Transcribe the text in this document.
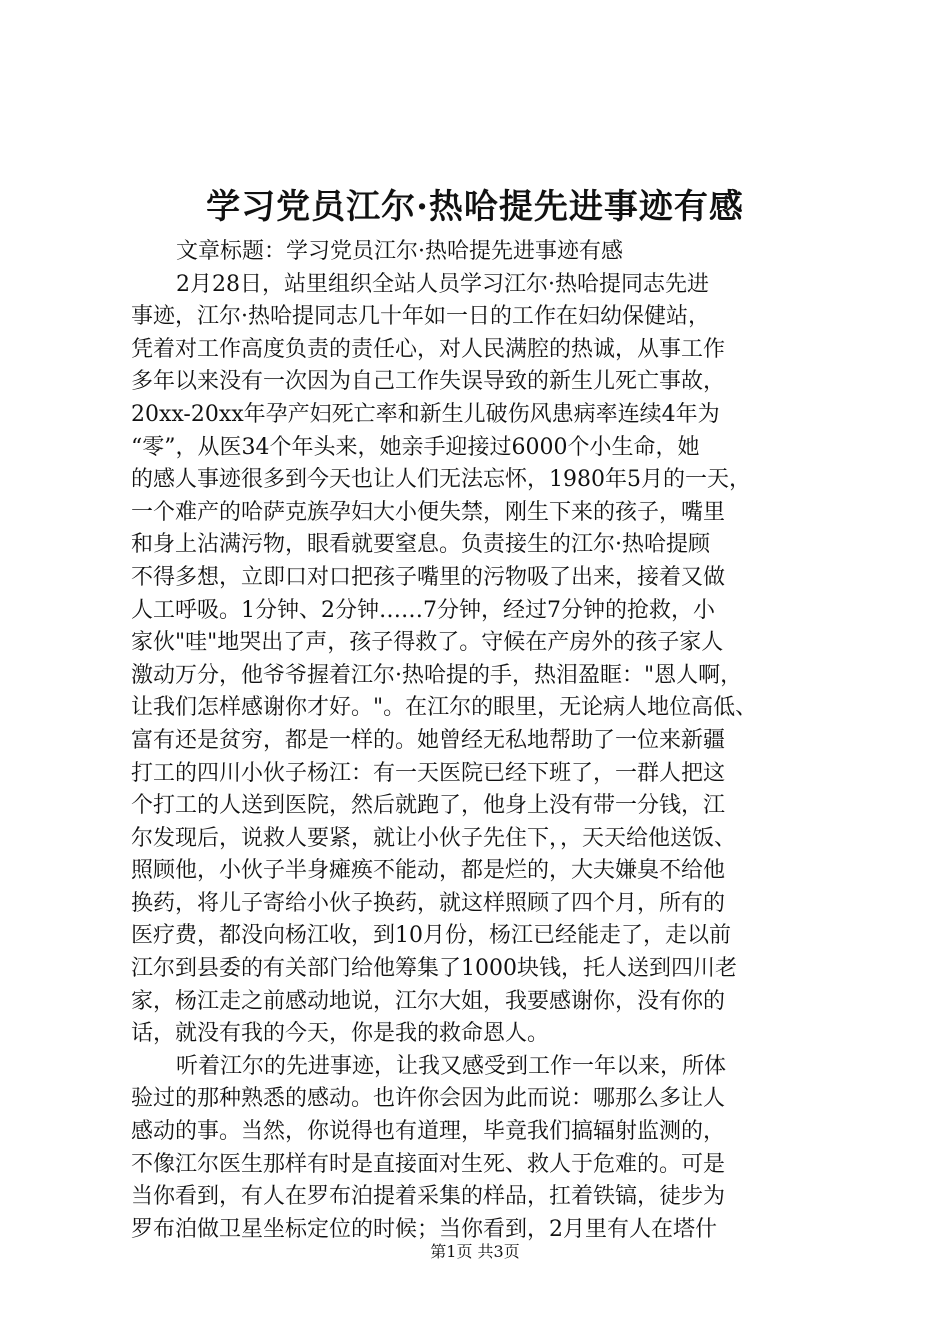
学习党员江尔·热哈提先进事迹有感
文章标题：学习党员江尔·热哈提先进事迹有感
2月28日，站里组织全站人员学习江尔·热哈提同志先进
事迹，江尔·热哈提同志几十年如一日的工作在妇幼保健站，
凭着对工作高度负责的责任心，对人民满腔的热诚，从事工作
多年以来没有一次因为自己工作失误导致的新生儿死亡事故，
20xx-20xx年孕产妇死亡率和新生儿破伤风患病率连续4年为
“零”，从医34个年头来，她亲手迎接过6000个小生命，她
的感人事迹很多到今天也让人们无法忘怀，1980年5月的一天，
一个难产的哈萨克族孕妇大小便失禁，刚生下来的孩子，嘴里
和身上沾满污物，眼看就要窒息。负责接生的江尔·热哈提顾
不得多想，立即口对口把孩子嘴里的污物吸了出来，接着又做
人工呼吸。1分钟、2分钟……7分钟，经过7分钟的抢救，小
家伙"哇"地哭出了声，孩子得救了。守候在产房外的孩子家人
激动万分，他爷爷握着江尔·热哈提的手，热泪盈眶："恩人啊，
让我们怎样感谢你才好。"。在江尔的眼里，无论病人地位高低、
富有还是贫穷，都是一样的。她曾经无私地帮助了一位来新疆
打工的四川小伙子杨江：有一天医院已经下班了，一群人把这
个打工的人送到医院，然后就跑了，他身上没有带一分钱，江
尔发现后，说救人要紧，就让小伙子先住下，，天天给他送饭、
照顾他，小伙子半身瘫痪不能动，都是烂的，大夫嫌臭不给他
换药，将儿子寄给小伙子换药，就这样照顾了四个月，所有的
医疗费，都没向杨江收，到10月份，杨江已经能走了，走以前
江尔到县委的有关部门给他筹集了1000块钱，托人送到四川老
家，杨江走之前感动地说，江尔大姐，我要感谢你，没有你的
话，就没有我的今天，你是我的救命恩人。
听着江尔的先进事迹，让我又感受到工作一年以来，所体
验过的那种熟悉的感动。也许你会因为此而说：哪那么多让人
感动的事。当然，你说得也有道理，毕竟我们搞辐射监测的，
不像江尔医生那样有时是直接面对生死、救人于危难的。可是
当你看到，有人在罗布泊提着采集的样品，扛着铁镐，徒步为
罗布泊做卫星坐标定位的时候；当你看到，2月里有人在塔什
第1页 共3页
